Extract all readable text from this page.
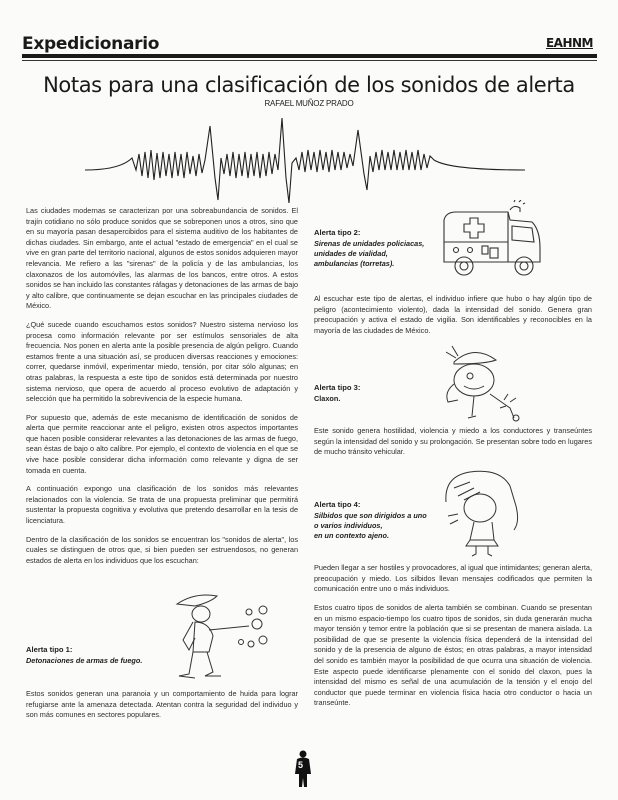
Expedicionario	EAHNM
Notas para una clasificación de los sonidos de alerta
RAFAEL MUÑOZ PRADO

Las ciudades modernas se caracterizan por una sobreabundancia de sonidos. El trajín cotidiano no sólo produce sonidos que se sobreponen unos a otros, sino que en su mayoría pasan desapercibidos para el sistema auditivo de los habitantes de dichas ciudades. Sin embargo, ante el actual "estado de emergencia" en el cual se vive en gran parte del territorio nacional, algunos de estos sonidos adquieren mayor relevancia. Me refiero a las "sirenas" de la policía y de las ambulancias, los claxonazos de los automóviles, las alarmas de los bancos, entre otros. A estos sonidos se han incluido las constantes ráfagas y detonaciones de las armas de bajo y alto calibre, que continuamente se dejan escuchar en las principales ciudades de México.

¿Qué sucede cuando escuchamos estos sonidos? Nuestro sistema nervioso los procesa como información relevante por ser estímulos sensoriales de alta frecuencia. Nos ponen en alerta ante la posible presencia de algún peligro. Cuando estamos frente a una situación así, se producen diversas reacciones y emociones: correr, quedarse inmóvil, experimentar miedo, tensión, por citar sólo algunas; en otras palabras, la respuesta a este tipo de sonidos está determinada por nuestro sistema nervioso, que opera de acuerdo al proceso evolutivo de adaptación y selección que ha permitido la sobrevivencia de la especie humana.

Por supuesto que, además de este mecanismo de identificación de sonidos de alerta que permite reaccionar ante el peligro, existen otros aspectos importantes que hacen posible considerar relevantes a las detonaciones de las armas de fuego, sean éstas de bajo o alto calibre. Por ejemplo, el contexto de violencia en el que se vive hace posible considerar dicha información como relevante y digna de ser tomada en cuenta.

A continuación expongo una clasificación de los sonidos más relevantes relacionados con la violencia. Se trata de una propuesta preliminar que permitirá sustentar la propuesta cognitiva y evolutiva que pretendo desarrollar en la tesis de licenciatura.

Dentro de la clasificación de los sonidos se encuentran los "sonidos de alerta", los cuales se distinguen de otros que, si bien pueden ser estruendosos, no generan estados de alerta en los individuos que los escuchan:

Alerta tipo 1:
Detonaciones de armas de fuego.

Estos sonidos generan una paranoia y un comportamiento de huida para lograr refugiarse ante la amenaza detectada. Atentan contra la seguridad del individuo y son más comunes en sectores populares.

Alerta tipo 2:
Sirenas de unidades policiacas,
unidades de vialidad,
ambulancias (torretas).

Al escuchar este tipo de alertas, el individuo infiere que hubo o hay algún tipo de peligro (acontecimiento violento), dada la intensidad del sonido. Genera gran preocupación y activa el estado de vigilia. Son identificables y reconocibles en la mayoría de las ciudades de México.

Alerta tipo 3:
Claxon.

Este sonido genera hostilidad, violencia y miedo a los conductores y transeúntes según la intensidad del sonido y su prolongación. Se presentan sobre todo en lugares de mucho tránsito vehicular.

Alerta tipo 4:
Silbidos que son dirigidos a uno
o varios individuos,
en un contexto ajeno.

Pueden llegar a ser hostiles y provocadores, al igual que intimidantes; generan alerta, preocupación y miedo. Los silbidos llevan mensajes codificados que permiten la comunicación entre uno o más individuos.

Estos cuatro tipos de sonidos de alerta también se combinan. Cuando se presentan en un mismo espacio-tiempo los cuatro tipos de sonidos, sin duda generarán mucha mayor tensión y temor entre la población que si se presentan de manera aislada. La posibilidad de que se presente la violencia física dependerá de la intensidad del sonido y de la presencia de alguno de éstos; en otras palabras, a mayor intensidad del sonido es también mayor la posibilidad de que ocurra una situación de violencia. Este aspecto puede identificarse plenamente con el sonido del claxon, pues la intensidad del mismo es señal de una acumulación de la tensión y el enojo del conductor que puede terminar en violencia física hacia otro conductor o hacia un transeúnte.

5
